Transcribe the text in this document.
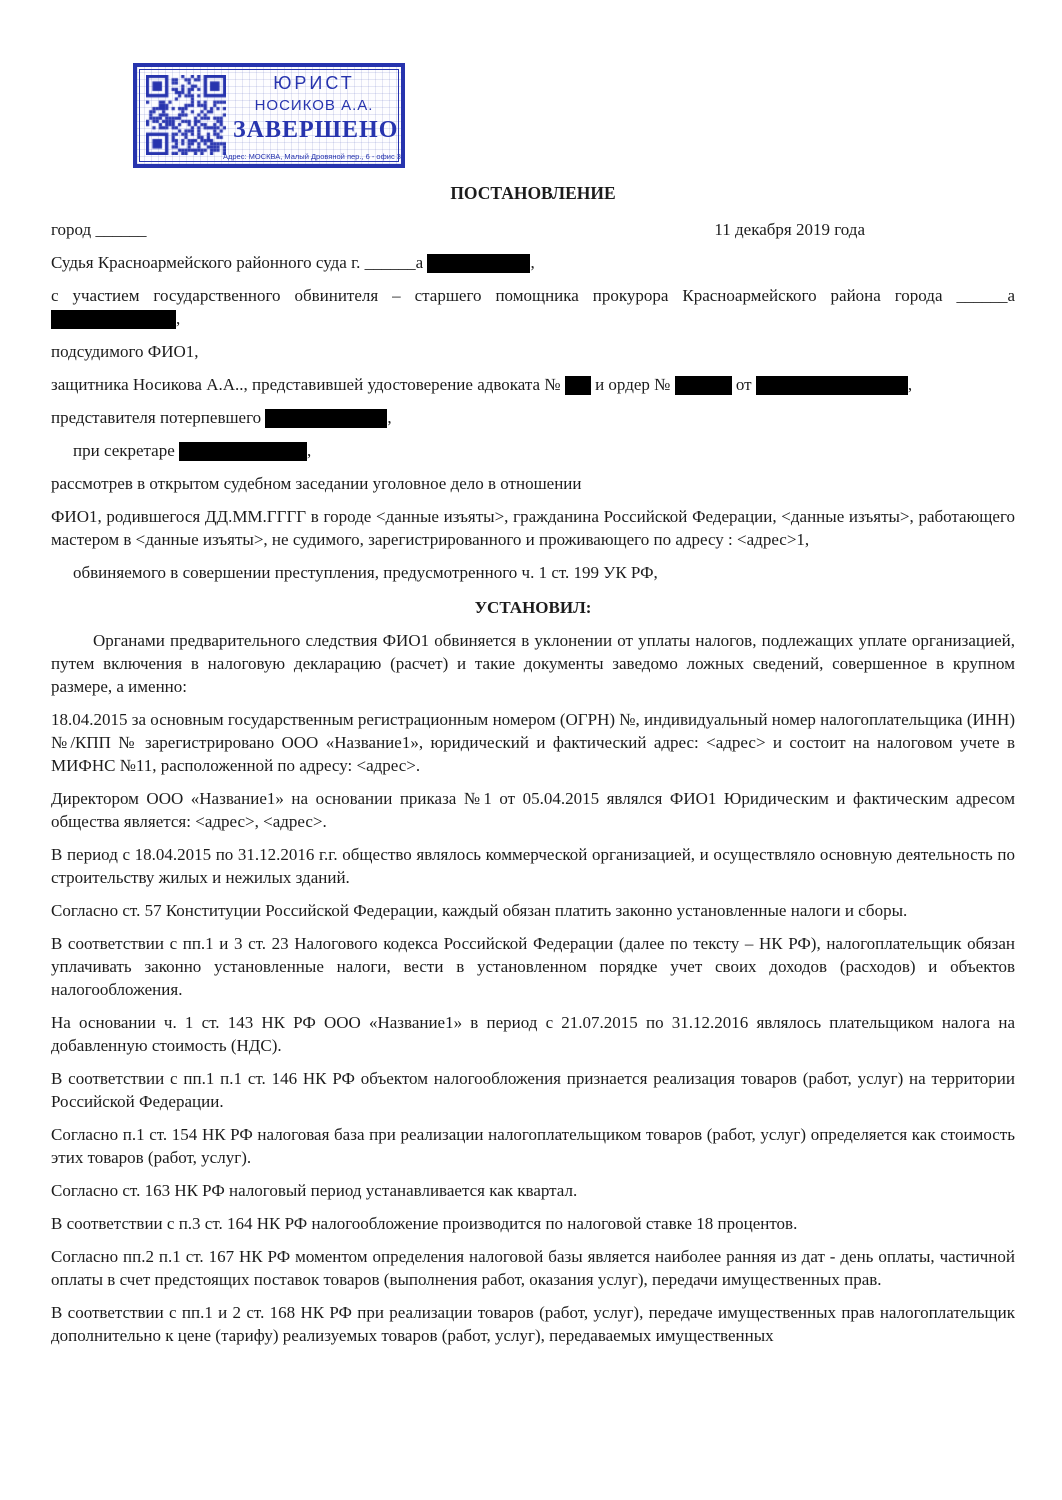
ЮРИСТ
НОСИКОВ А.А.
ЗАВЕРШЕНО
Адрес: МОСКВА, Малый Дровяной пер., 6 - офис 3
ПОСТАНОВЛЕНИЕ
город ______	11 декабря 2019 года

Судья Красноармейского районного суда г. ______а	,

с участием государственного обвинителя – старшего помощника прокурора Красноармейского района города ______а ,

подсудимого ФИО1,

защитника Носикова А.А.., представившей удостоверение адвоката №  и ордер №	от	,

представителя потерпевшего	,

при секретаре	,

рассмотрев в открытом судебном заседании уголовное дело в отношении

ФИО1, родившегося ДД.ММ.ГГГГ в городе <данные изъяты>, гражданина Российской Федерации, <данные изъяты>, работающего мастером в <данные изъяты>, не судимого, зарегистрированного и проживающего по адресу : <адрес>1,

обвиняемого в совершении преступления, предусмотренного ч. 1 ст. 199 УК РФ,

УСТАНОВИЛ:

Органами предварительного следствия ФИО1 обвиняется в уклонении от уплаты налогов, подлежащих уплате организацией, путем включения в налоговую декларацию (расчет) и такие документы заведомо ложных сведений, совершенное в крупном размере, а именно:

18.04.2015 за основным государственным регистрационным номером (ОГРН) №, индивидуальный номер налогоплательщика (ИНН) №/КПП № зарегистрировано ООО «Название1», юридический и фактический адрес: <адрес> и состоит на налоговом учете в МИФНС №11, расположенной по адресу: <адрес>.

Директором ООО «Название1» на основании приказа №1 от 05.04.2015 являлся ФИО1 Юридическим и фактическим адресом общества является: <адрес>, <адрес>.

В период с 18.04.2015 по 31.12.2016 г.г. общество являлось коммерческой организацией, и осуществляло основную деятельность по строительству жилых и нежилых зданий.

Согласно ст. 57 Конституции Российской Федерации, каждый обязан платить законно установленные налоги и сборы.

В соответствии с пп.1 и 3 ст. 23 Налогового кодекса Российской Федерации (далее по тексту – НК РФ), налогоплательщик обязан уплачивать законно установленные налоги, вести в установленном порядке учет своих доходов (расходов) и объектов налогообложения.

На основании ч. 1 ст. 143 НК РФ ООО «Название1» в период с 21.07.2015 по 31.12.2016 являлось плательщиком налога на добавленную стоимость (НДС).

В соответствии с пп.1 п.1 ст. 146 НК РФ объектом налогообложения признается реализация товаров (работ, услуг) на территории Российской Федерации.

Согласно п.1 ст. 154 НК РФ налоговая база при реализации налогоплательщиком товаров (работ, услуг) определяется как стоимость этих товаров (работ, услуг).

Согласно ст. 163 НК РФ налоговый период устанавливается как квартал.

В соответствии с п.3 ст. 164 НК РФ налогообложение производится по налоговой ставке 18 процентов.

Согласно пп.2 п.1 ст. 167 НК РФ моментом определения налоговой базы является наиболее ранняя из дат - день оплаты, частичной оплаты в счет предстоящих поставок товаров (выполнения работ, оказания услуг), передачи имущественных прав.

В соответствии с пп.1 и 2 ст. 168 НК РФ при реализации товаров (работ, услуг), передаче имущественных прав налогоплательщик дополнительно к цене (тарифу) реализуемых товаров (работ, услуг), передаваемых имущественных
